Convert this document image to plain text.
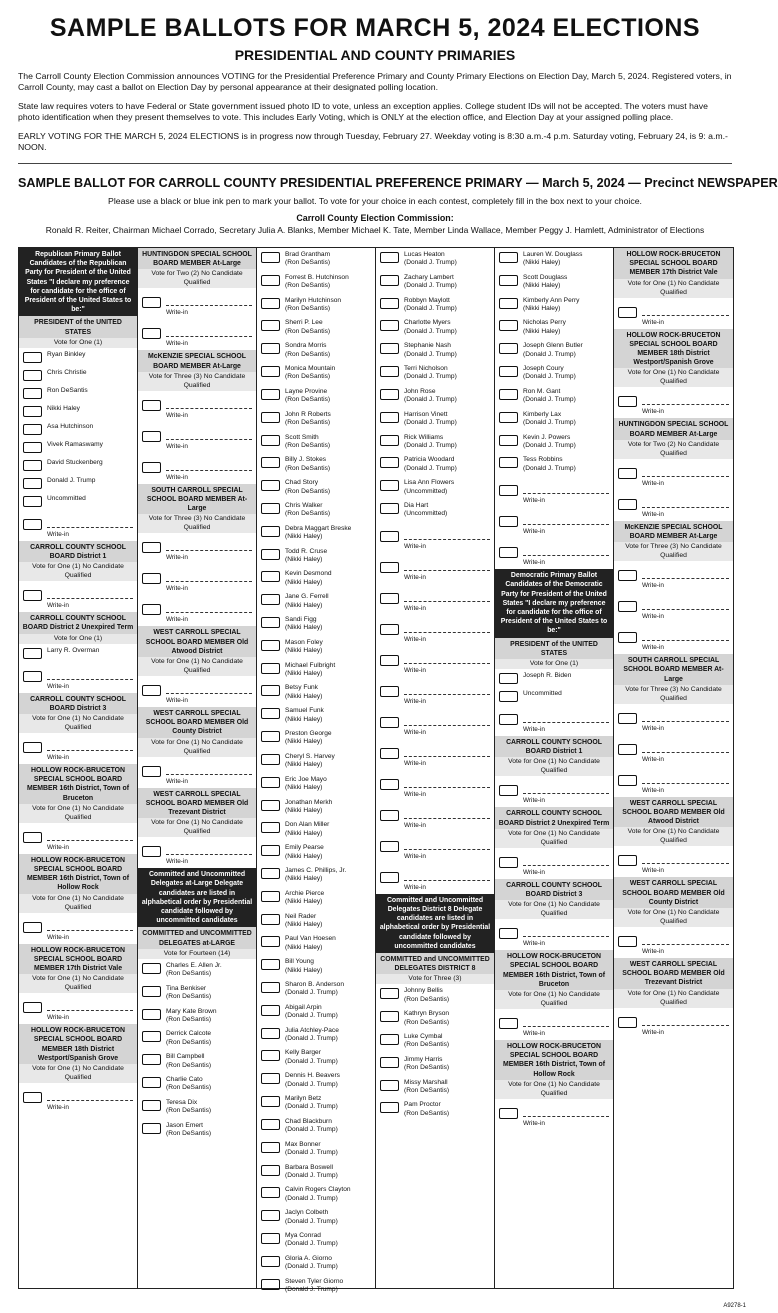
SAMPLE BALLOTS FOR MARCH 5, 2024 ELECTIONS
PRESIDENTIAL AND COUNTY PRIMARIES
The Carroll County Election Commission announces VOTING for the Presidential Preference Primary and County Primary Elections on Election Day, March 5, 2024. Registered voters, in Carroll County, may cast a ballot on Election Day by personal appearance at their designated polling location.
State law requires voters to have Federal or State government issued photo ID to vote, unless an exception applies. College student IDs will not be accepted. The voters must have photo identification when they present themselves to vote. This includes Early Voting, which is ONLY at the election office, and Election Day at your assigned polling place.
EARLY VOTING FOR THE MARCH 5, 2024 ELECTIONS is in progress now through Tuesday, February 27. Weekday voting is 8:30 a.m.-4 p.m. Saturday voting, February 24, is 9: a.m.-NOON.
SAMPLE BALLOT FOR CARROLL COUNTY PRESIDENTIAL PREFERENCE PRIMARY — March 5, 2024 — Precinct NEWSPAPER
Please use a black or blue ink pen to mark your ballot. To vote for your choice in each contest, completely fill in the box next to your choice.
Carroll County Election Commission:
Ronald R. Reiter, Chairman Michael Corrado, Secretary Julia A. Blanks, Member Michael K. Tate, Member Linda Wallace, Member Peggy J. Hamlett, Administrator of Elections
Republican Primary Ballot Candidates of the Republican Party for President of the United States "I declare my preference for candidate for the office of President of the United States to be:"
PRESIDENT of the UNITED STATES
Vote for One (1)
Ryan Binkley
Chris Christie
Ron DeSantis
Nikki Haley
Asa Hutchinson
Vivek Ramaswamy
David Stuckenberg
Donald J. Trump
Uncommitted
Write-in
CARROLL COUNTY SCHOOL BOARD District 1
Vote for One (1) No Candidate Qualified
Write-in
CARROLL COUNTY SCHOOL BOARD District 2 Unexpired Term
Vote for One (1)
Larry R. Overman
Write-in
CARROLL COUNTY SCHOOL BOARD District 3
Vote for One (1) No Candidate Qualified
Write-in
HOLLOW ROCK-BRUCETON SPECIAL SCHOOL BOARD MEMBER 16th District, Town of Bruceton
Vote for One (1) No Candidate Qualified
Write-in
HOLLOW ROCK-BRUCETON SPECIAL SCHOOL BOARD MEMBER 16th District, Town of Hollow Rock
Vote for One (1) No Candidate Qualified
Write-in
HOLLOW ROCK-BRUCETON SPECIAL SCHOOL BOARD MEMBER 17th District Vale
Vote for One (1) No Candidate Qualified
Write-in
HOLLOW ROCK-BRUCETON SPECIAL SCHOOL BOARD MEMBER 18th District Westport/Spanish Grove
Vote for One (1) No Candidate Qualified
Write-in
HUNTINGDON SPECIAL SCHOOL BOARD MEMBER At-Large
Vote for Two (2) No Candidate Qualified
Write-in
Write-in
McKENZIE SPECIAL SCHOOL BOARD MEMBER At-Large
Vote for Three (3) No Candidate Qualified
Write-in
Write-in
Write-in
SOUTH CARROLL SPECIAL SCHOOL BOARD MEMBER At-Large
Vote for Three (3) No Candidate Qualified
Write-in
Write-in
Write-in
WEST CARROLL SPECIAL SCHOOL BOARD MEMBER Old Atwood District
Vote for One (1) No Candidate Qualified
Write-in
WEST CARROLL SPECIAL SCHOOL BOARD MEMBER Old County District
Vote for One (1) No Candidate Qualified
Write-in
WEST CARROLL SPECIAL SCHOOL BOARD MEMBER Old Trezevant District
Vote for One (1) No Candidate Qualified
Write-in
Committed and Uncommitted Delegates at-Large Delegate candidates are listed in alphabetical order by Presidential candidate followed by uncommitted candidates
COMMITTED and UNCOMMITTED DELEGATES at-LARGE
Vote for Fourteen (14)
Charles E. Allen Jr.
(Ron DeSantis)
Tina Benkiser
(Ron DeSantis)
Mary Kate Brown
(Ron DeSantis)
Derrick Calcote
(Ron DeSantis)
Bill Campbell
(Ron DeSantis)
Charlie Cato
(Ron DeSantis)
Teresa Dix
(Ron DeSantis)
Jason Emert
(Ron DeSantis)
Brad Grantham
(Ron DeSantis)
Forrest B. Hutchinson
(Ron DeSantis)
Marilyn Hutchinson
(Ron DeSantis)
Sherri P. Lee
(Ron DeSantis)
Sondra Morris
(Ron DeSantis)
Monica Mountain
(Ron DeSantis)
Layne Provine
(Ron DeSantis)
John R Roberts
(Ron DeSantis)
Scott Smith
(Ron DeSantis)
Billy J. Stokes
(Ron DeSantis)
Chad Story
(Ron DeSantis)
Chris Walker
(Ron DeSantis)
Debra Maggart Breske
(Nikki Haley)
Todd R. Cruse
(Nikki Haley)
Kevin Desmond
(Nikki Haley)
Jane G. Ferrell
(Nikki Haley)
Sandi Figg
(Nikki Haley)
Mason Foley
(Nikki Haley)
Michael Fulbright
(Nikki Haley)
Betsy Funk
(Nikki Haley)
Samuel Funk
(Nikki Haley)
Preston George
(Nikki Haley)
Cheryl S. Harvey
(Nikki Haley)
Eric Joe Mayo
(Nikki Haley)
Jonathan Merkh
(Nikki Haley)
Don Alan Miller
(Nikki Haley)
Emily Pearse
(Nikki Haley)
James C. Phillips, Jr.
(Nikki Haley)
Archie Pierce
(Nikki Haley)
Neil Rader
(Nikki Haley)
Paul Van Hoesen
(Nikki Haley)
Bill Young
(Nikki Haley)
Sharon B. Anderson
(Donald J. Trump)
Abigail Arpin
(Donald J. Trump)
Julia Atchley-Pace
(Donald J. Trump)
Kelly Barger
(Donald J. Trump)
Dennis H. Beavers
(Donald J. Trump)
Marilyn Betz
(Donald J. Trump)
Chad Blackburn
(Donald J. Trump)
Max Bonner
(Donald J. Trump)
Barbara Boswell
(Donald J. Trump)
Calvin Rogers Clayton
(Donald J. Trump)
Jaclyn Colbeth
(Donald J. Trump)
Mya Conrad
(Donald J. Trump)
Gloria A. Giorno
(Donald J. Trump)
Steven Tyler Giorno
(Donald J. Trump)
Lucas Heaton
(Donald J. Trump)
Zachary Lambert
(Donald J. Trump)
Robbyn Maylott
(Donald J. Trump)
Charlotte Myers
(Donald J. Trump)
Stephanie Nash
(Donald J. Trump)
Terri Nicholson
(Donald J. Trump)
John Rose
(Donald J. Trump)
Harrison Vinett
(Donald J. Trump)
Rick Williams
(Donald J. Trump)
Patricia Woodard
(Donald J. Trump)
Lisa Ann Flowers
(Uncommitted)
Dia Hart
(Uncommitted)
Write-in
Write-in
Write-in
Write-in
Write-in
Write-in
Write-in
Write-in
Write-in
Write-in
Write-in
Write-in
Committed and Uncommitted Delegates District 8 Delegate candidates are listed in alphabetical order by Presidential candidate followed by uncommitted candidates
COMMITTED and UNCOMMITTED DELEGATES DISTRICT 8
Vote for Three (3)
Johnny Bellis
(Ron DeSantis)
Kathryn Bryson
(Ron DeSantis)
Luke Cymbal
(Ron DeSantis)
Jimmy Harris
(Ron DeSantis)
Missy Marshall
(Ron DeSantis)
Pam Proctor
(Ron DeSantis)
Lauren W. Douglass
(Nikki Haley)
Scott Douglass
(Nikki Haley)
Kimberly Ann Perry
(Nikki Haley)
Nicholas Perry
(Nikki Haley)
Joseph Glenn Butler
(Donald J. Trump)
Joseph Coury
(Donald J. Trump)
Ron M. Gant
(Donald J. Trump)
Kimberly Lax
(Donald J. Trump)
Kevin J. Powers
(Donald J. Trump)
Tess Robbins
(Donald J. Trump)
Write-in
Write-in
Write-in
Democratic Primary Ballot Candidates of the Democratic Party for President of the United States "I declare my preference for candidate for the office of President of the United States to be:"
PRESIDENT of the UNITED STATES
Vote for One (1)
Joseph R. Biden
Uncommitted
Write-in
CARROLL COUNTY SCHOOL BOARD District 1
Vote for One (1) No Candidate Qualified
Write-in
CARROLL COUNTY SCHOOL BOARD District 2 Unexpired Term
Vote for One (1) No Candidate Qualified
Write-in
CARROLL COUNTY SCHOOL BOARD District 3
Vote for One (1) No Candidate Qualified
Write-in
HOLLOW ROCK-BRUCETON SPECIAL SCHOOL BOARD MEMBER 16th District, Town of Bruceton
Vote for One (1) No Candidate Qualified
Write-in
HOLLOW ROCK-BRUCETON SPECIAL SCHOOL BOARD MEMBER 16th District, Town of Hollow Rock
Vote for One (1) No Candidate Qualified
Write-in
HOLLOW ROCK-BRUCETON SPECIAL SCHOOL BOARD MEMBER 17th District Vale
Vote for One (1) No Candidate Qualified
Write-in
HOLLOW ROCK-BRUCETON SPECIAL SCHOOL BOARD MEMBER 18th District Westport/Spanish Grove
Vote for One (1) No Candidate Qualified
Write-in
HUNTINGDON SPECIAL SCHOOL BOARD MEMBER At-Large
Vote for Two (2) No Candidate Qualified
Write-in
Write-in
McKENZIE SPECIAL SCHOOL BOARD MEMBER At-Large
Vote for Three (3) No Candidate Qualified
Write-in
Write-in
Write-in
SOUTH CARROLL SPECIAL SCHOOL BOARD MEMBER At-Large
Vote for Three (3) No Candidate Qualified
Write-in
Write-in
Write-in
WEST CARROLL SPECIAL SCHOOL BOARD MEMBER Old Atwood District
Vote for One (1) No Candidate Qualified
Write-in
WEST CARROLL SPECIAL SCHOOL BOARD MEMBER Old County District
Vote for One (1) No Candidate Qualified
Write-in
WEST CARROLL SPECIAL SCHOOL BOARD MEMBER Old Trezevant District
Vote for One (1) No Candidate Qualified
Write-in
A9278-1
